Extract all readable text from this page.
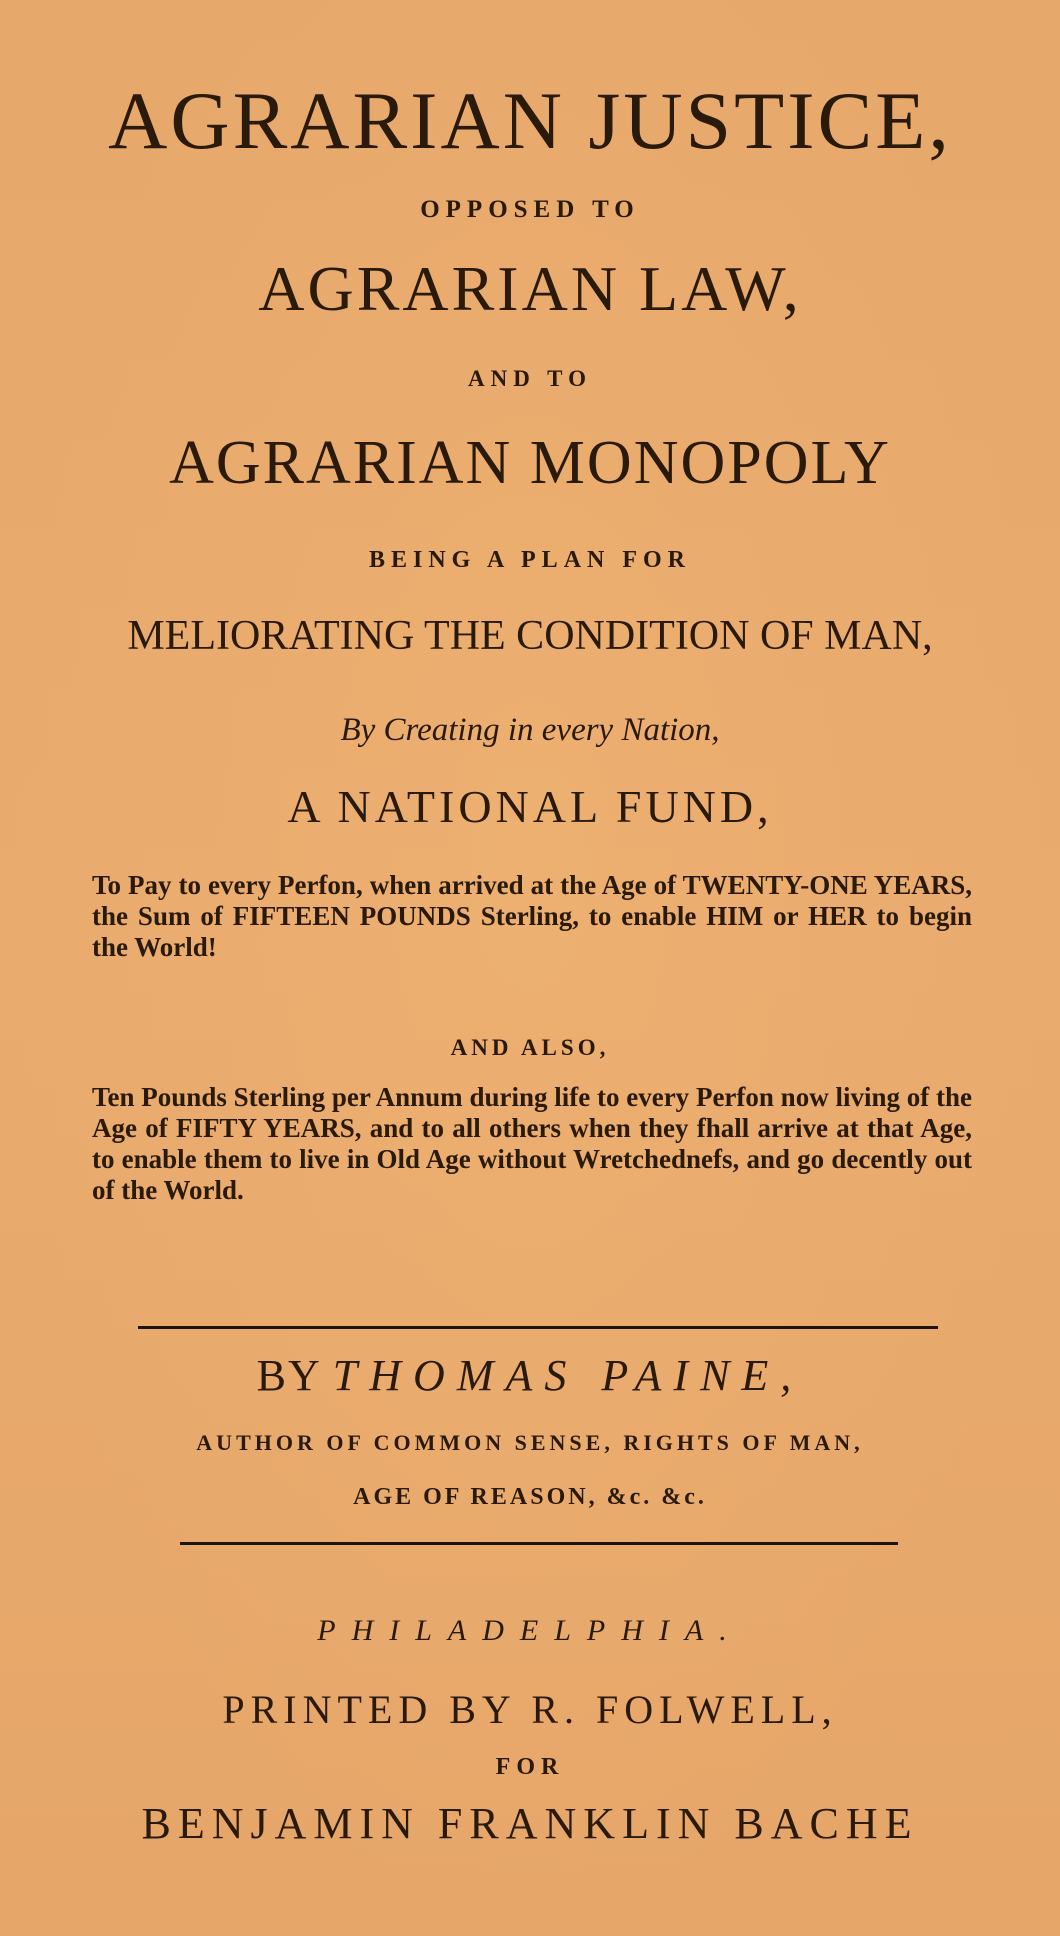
AGRARIAN JUSTICE,
OPPOSED TO
AGRARIAN LAW,
AND TO
AGRARIAN MONOPOLY
BEING A PLAN FOR
MELIORATING THE CONDITION OF MAN,
By Creating in every Nation,
A NATIONAL FUND,
To Pay to every Perfon, when arrived at the Age of TWENTY-ONE YEARS, the Sum of FIFTEEN POUNDS Sterling, to enable HIM or HER to begin the World!
AND ALSO,
Ten Pounds Sterling per Annum during life to every Perfon now living of the Age of FIFTY YEARS, and to all others when they fhall arrive at that Age, to enable them to live in Old Age without Wretchednefs, and go decently out of the World.
BY THOMAS PAINE,
AUTHOR OF COMMON SENSE, RIGHTS OF MAN,
AGE OF REASON, &c. &c.
PHILADELPHIA.
PRINTED BY R. FOLWELL,
FOR
BENJAMIN FRANKLIN BACHE
